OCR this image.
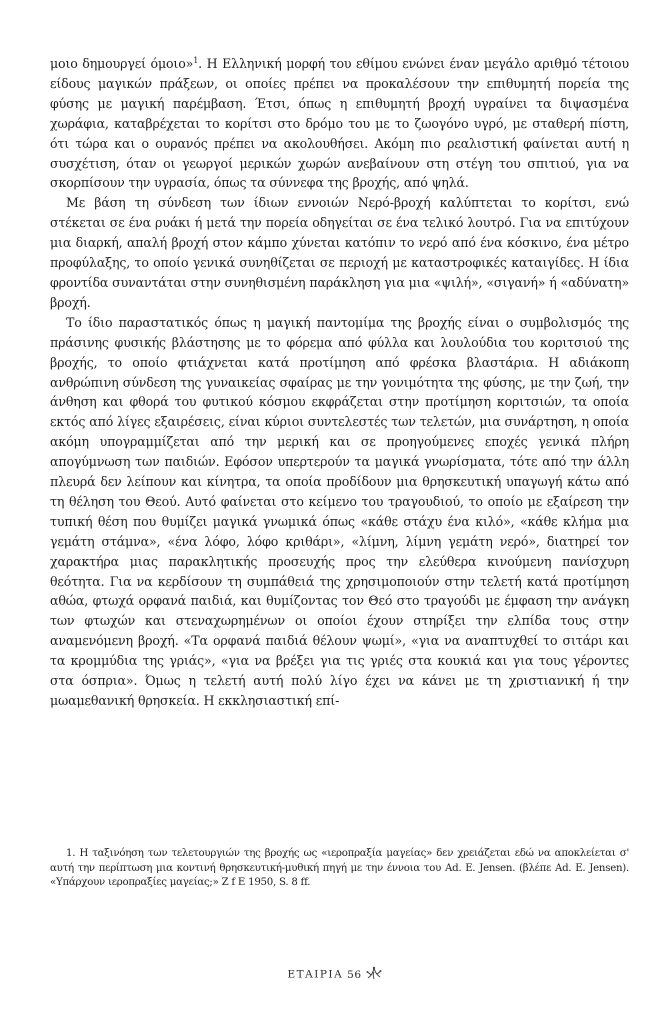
μοιο δημουργεί όμοιο»$^1$. Η Ελληνική μορφή του εθίμου ενώνει έναν μεγάλο αριθμό τέτοιου είδους μαγικών πράξεων, οι οποίες πρέπει να προκαλέσουν την επιθυμητή πορεία της φύσης με μαγική παρέμβαση. Έτσι, όπως η επιθυμητή βροχή υγραίνει τα διψασμένα χωράφια, καταβρέχεται το κορίτσι στο δρόμο του με το ζωογόνο υγρό, με σταθερή πίστη, ότι τώρα και ο ουρανός πρέπει να ακολουθήσει. Ακόμη πιο ρεαλιστική φαίνεται αυτή η συσχέτιση, όταν οι γεωργοί μερικών χωρών ανεβαίνουν στη στέγη του σπιτιού, για να σκορπίσουν την υγρασία, όπως τα σύννεφα της βροχής, από ψηλά.

Με βάση τη σύνδεση των ίδιων εννοιών Νερό-βροχή καλύπτεται το κορίτσι, ενώ στέκεται σε ένα ρυάκι ή μετά την πορεία οδηγείται σε ένα τελικό λουτρό. Για να επιτύχουν μια διαρκή, απαλή βροχή στον κάμπο χύνεται κατόπιν το νερό από ένα κόσκινο, ένα μέτρο προφύλαξης, το οποίο γενικά συνηθίζεται σε περιοχή με καταστροφικές καταιγίδες. Η ίδια φροντίδα συναντάται στην συνηθισμένη παράκληση για μια «ψιλή», «σιγανή» ή «αδύνατη» βροχή.

Το ίδιο παραστατικός όπως η μαγική παντομίμα της βροχής είναι ο συμβολισμός της πράσινης φυσικής βλάστησης με το φόρεμα από φύλλα και λουλούδια του κοριτσιού της βροχής, το οποίο φτιάχνεται κατά προτίμηση από φρέσκα βλαστάρια. Η αδιάκοπη ανθρώπινη σύνδεση της γυναικείας σφαίρας με την γονιμότητα της φύσης, με την ζωή, την άνθηση και φθορά του φυτικού κόσμου εκφράζεται στην προτίμηση κοριτσιών, τα οποία εκτός από λίγες εξαιρέσεις, είναι κύριοι συντελεστές των τελετών, μια συνάρτηση, η οποία ακόμη υπογραμμίζεται από την μερική και σε προηγούμενες εποχές γενικά πλήρη απογύμνωση των παιδιών. Εφόσον υπερτερούν τα μαγικά γνωρίσματα, τότε από την άλλη πλευρά δεν λείπουν και κίνητρα, τα οποία προδίδουν μια θρησκευτική υπαγωγή κάτω από τη θέληση του Θεού. Αυτό φαίνεται στο κείμενο του τραγουδιού, το οποίο με εξαίρεση την τυπική θέση που θυμίζει μαγικά γνωμικά όπως «κάθε στάχυ ένα κιλό», «κάθε κλήμα μια γεμάτη στάμνα», «ένα λόφο, λόφο κριθάρι», «λίμνη, λίμνη γεμάτη νερό», διατηρεί τον χαρακτήρα μιας παρακλητικής προσευχής προς την ελεύθερα κινούμενη πανίσχυρη θεότητα. Για να κερδίσουν τη συμπάθειά της χρησιμοποιούν στην τελετή κατά προτίμηση αθώα, φτωχά ορφανά παιδιά, και θυμίζοντας τον Θεό στο τραγούδι με έμφαση την ανάγκη των φτωχών και στεναχωρημένων οι οποίοι έχουν στηρίξει την ελπίδα τους στην αναμενόμενη βροχή. «Τα ορφανά παιδιά θέλουν ψωμί», «για να αναπτυχθεί το σιτάρι και τα κρομμύδια της γριάς», «για να βρέξει για τις γριές στα κουκιά και για τους γέροντες στα όσπρια». Όμως η τελετή αυτή πολύ λίγο έχει να κάνει με τη χριστιανική ή την μωαμεθανική θρησκεία. Η εκκλησιαστική επί-

1. Η ταξινόηση των τελετουργιών της βροχής ως «ιεροπραξία μαγείας» δεν χρειάζεται εδώ να αποκλείεται σ' αυτή την περίπτωση μια κοντινή θρησκευτική-μυθική πηγή με την έννοια του Ad. E. Jensen. (βλέπε Ad. E. Jensen). «Υπάρχουν ιεροπραξίες μαγείας;» Z f E 1950, S. 8 ff.

ΕΤΑΙΡΙΑ 56
